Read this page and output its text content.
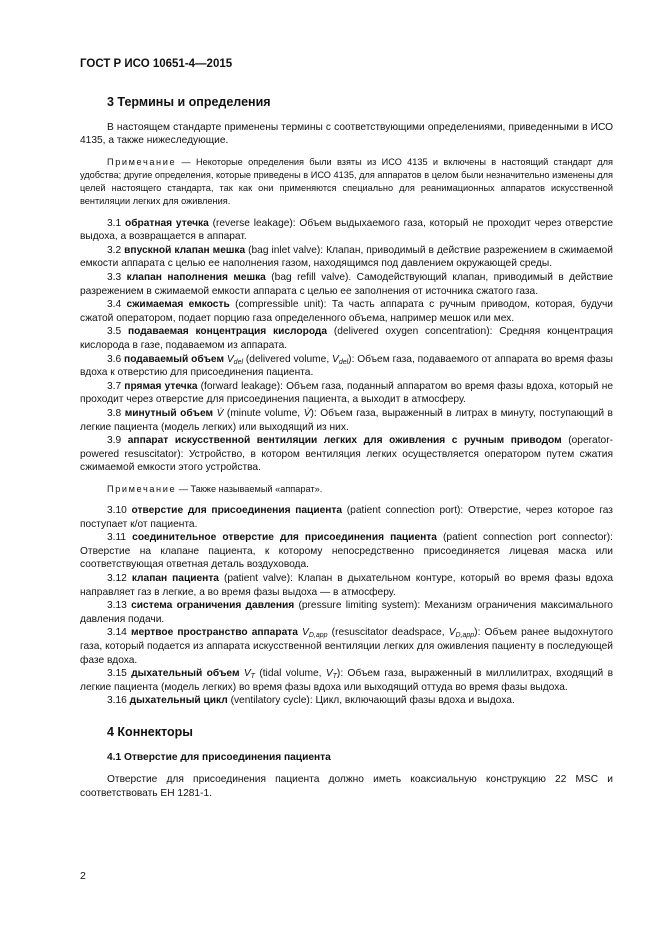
ГОСТ Р ИСО 10651-4—2015

3 Термины и определения

В настоящем стандарте применены термины с соответствующими определениями, приведенными в ИСО 4135, а также нижеследующие.

Примечание — Некоторые определения были взяты из ИСО 4135 и включены в настоящий стандарт для удобства; другие определения, которые приведены в ИСО 4135, для аппаратов в целом были незначительно изменены для целей настоящего стандарта, так как они применяются специально для реанимационных аппаратов искусственной вентиляции легких для оживления.

3.1 обратная утечка (reverse leakage): Объем выдыхаемого газа, который не проходит через отверстие выдоха, а возвращается в аппарат.

3.2 впускной клапан мешка (bag inlet valve): Клапан, приводимый в действие разрежением в сжимаемой емкости аппарата с целью ее наполнения газом, находящимся под давлением окружающей среды.

3.3 клапан наполнения мешка (bag refill valve). Самодействующий клапан, приводимый в действие разрежением в сжимаемой емкости аппарата с целью ее заполнения от источника сжатого газа.

3.4 сжимаемая емкость (compressible unit): Та часть аппарата с ручным приводом, которая, будучи сжатой оператором, подает порцию газа определенного объема, например мешок или мех.

3.5 подаваемая концентрация кислорода (delivered oxygen concentration): Средняя концентрация кислорода в газе, подаваемом из аппарата.

3.6 подаваемый объем $V_{del}$ (delivered volume, $V_{del}$): Объем газа, подаваемого от аппарата во время фазы вдоха к отверстию для присоединения пациента.

3.7 прямая утечка (forward leakage): Объем газа, поданный аппаратом во время фазы вдоха, который не проходит через отверстие для присоединения пациента, а выходит в атмосферу.

3.8 минутный объем V̇ (minute volume, V̇): Объем газа, выраженный в литрах в минуту, поступающий в легкие пациента (модель легких) или выходящий из них.

3.9 аппарат искусственной вентиляции легких для оживления с ручным приводом (operator-powered resuscitator): Устройство, в котором вентиляция легких осуществляется оператором путем сжатия сжимаемой емкости этого устройства.

Примечание — Также называемый «аппарат».

3.10 отверстие для присоединения пациента (patient connection port): Отверстие, через которое газ поступает к/от пациента.

3.11 соединительное отверстие для присоединения пациента (patient connection port connector): Отверстие на клапане пациента, к которому непосредственно присоединяется лицевая маска или соответствующая ответная деталь воздуховода.

3.12 клапан пациента (patient valve): Клапан в дыхательном контуре, который во время фазы вдоха направляет газ в легкие, а во время фазы выдоха — в атмосферу.

3.13 система ограничения давления (pressure limiting system): Механизм ограничения максимального давления подачи.

3.14 мертвое пространство аппарата $V_{D,app}$ (resuscitator deadspace, $V_{D,app}$): Объем ранее выдохнутого газа, который подается из аппарата искусственной вентиляции легких для оживления пациенту в последующей фазе вдоха.

3.15 дыхательный объем $V_T$ (tidal volume, $V_T$): Объем газа, выраженный в миллилитрах, входящий в легкие пациента (модель легких) во время фазы вдоха или выходящий оттуда во время фазы выдоха.

3.16 дыхательный цикл (ventilatory cycle): Цикл, включающий фазы вдоха и выдоха.

4 Коннекторы

4.1 Отверстие для присоединения пациента

Отверстие для присоединения пациента должно иметь коаксиальную конструкцию 22 MSC и соответствовать ЕН 1281-1.

2
